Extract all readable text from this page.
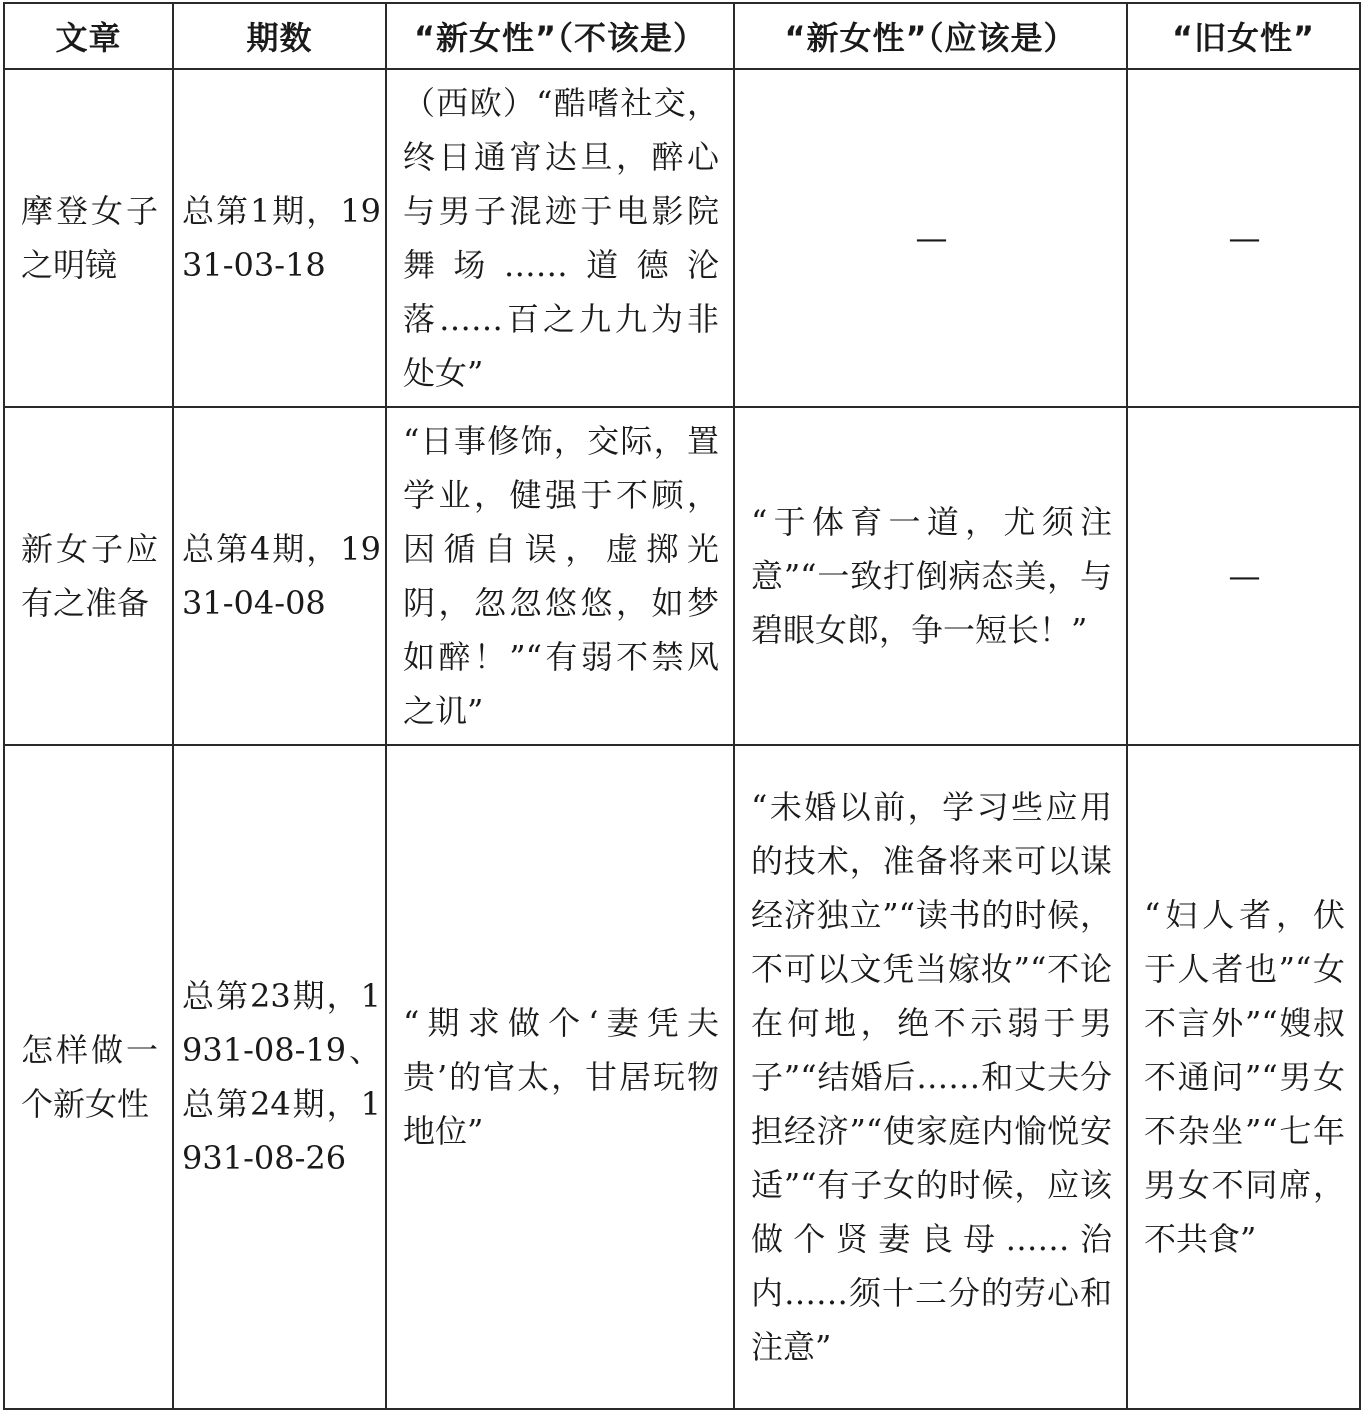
文章	期数	“新女性”（不该是）	“新女性”（应该是）	“旧女性”

摩登女子之明镜	总第1期，1931-03-18	（西欧）“酷嗜社交，终日通宵达旦，醉心与男子混迹于电影院舞场……道德沦落……百之九九为非处女”	—	—

新女子应有之准备	总第4期，1931-04-08	“日事修饰，交际，置学业，健强于不顾，因循自误，虚掷光阴，忽忽悠悠，如梦如醉！”“有弱不禁风之讥”	“于体育一道，尤须注意”“一致打倒病态美，与碧眼女郎，争一短长！”	—

怎样做一个新女性	总第23期，1931-08-19、总第24期，1931-08-26	“期求做个‘妻凭夫贵’的官太，甘居玩物地位”	“未婚以前，学习些应用的技术，准备将来可以谋经济独立”“读书的时候，不可以文凭当嫁妆”“不论在何地，绝不示弱于男子”“结婚后……和丈夫分担经济”“使家庭内愉悦安适”“有子女的时候，应该做个贤妻良母……治内……须十二分的劳心和注意”	“妇人者，伏于人者也”“女不言外”“嫂叔不通问”“男女不杂坐”“七年男女不同席，不共食”
